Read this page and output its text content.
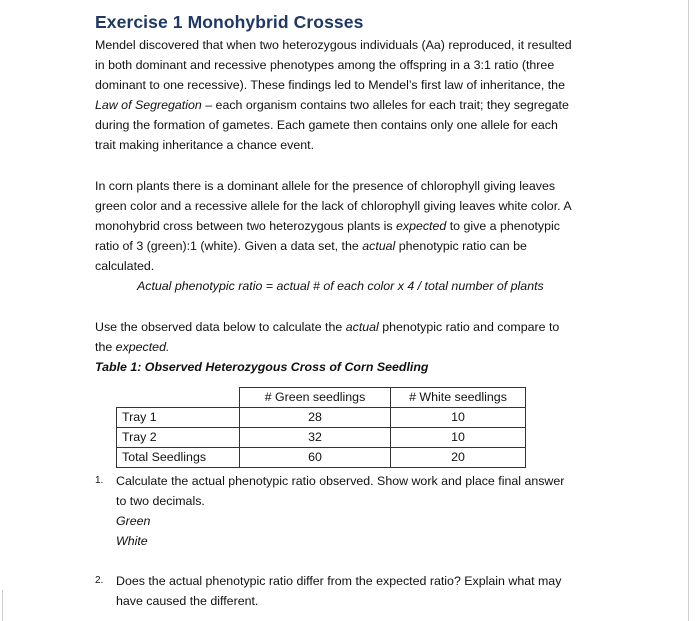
Exercise 1 Monohybrid Crosses

Mendel discovered that when two heterozygous individuals (Aa) reproduced, it resulted
in both dominant and recessive phenotypes among the offspring in a 3:1 ratio (three
dominant to one recessive). These findings led to Mendel’s first law of inheritance, the
Law of Segregation – each organism contains two alleles for each trait; they segregate
during the formation of gametes. Each gamete then contains only one allele for each
trait making inheritance a chance event.

In corn plants there is a dominant allele for the presence of chlorophyll giving leaves
green color and a recessive allele for the lack of chlorophyll giving leaves white color. A
monohybrid cross between two heterozygous plants is expected to give a phenotypic
ratio of 3 (green):1 (white). Given a data set, the actual phenotypic ratio can be
calculated.

Actual phenotypic ratio = actual # of each color x 4 / total number of plants

Use the observed data below to calculate the actual phenotypic ratio and compare to
the expected.

Table 1: Observed Heterozygous Cross of Corn Seedling

	# Green seedlings	# White seedlings
Tray 1	28	10
Tray 2	32	10
Total Seedlings	60	20
1.	Calculate the actual phenotypic ratio observed. Show work and place final answer
to two decimals.
Green
White
2.	Does the actual phenotypic ratio differ from the expected ratio? Explain what may
have caused the different.
